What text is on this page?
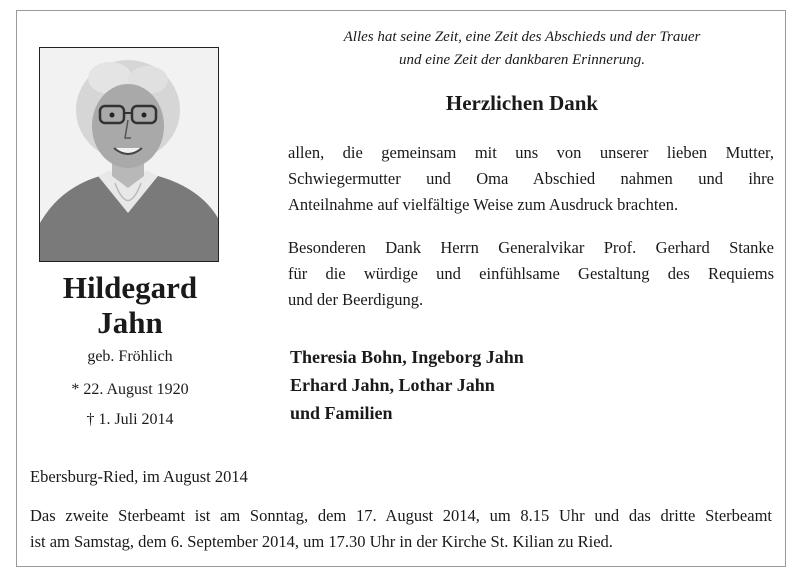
Hildegard
Jahn
geb. Fröhlich
* 22. August 1920
† 1. Juli 2014
Alles hat seine Zeit, eine Zeit des Abschieds und der Trauer
und eine Zeit der dankbaren Erinnerung.
Herzlichen Dank
allen, die gemeinsam mit uns von unserer lieben Mutter,
Schwiegermutter und Oma Abschied nahmen und ihre
Anteilnahme auf vielfältige Weise zum Ausdruck brachten.
Besonderen Dank Herrn Generalvikar Prof. Gerhard Stanke
für die würdige und einfühlsame Gestaltung des Requiems
und der Beerdigung.
Theresia Bohn, Ingeborg Jahn
Erhard Jahn, Lothar Jahn
und Familien
Ebersburg-Ried, im August 2014
Das zweite Sterbeamt ist am Sonntag, dem 17. August 2014, um 8.15 Uhr und das dritte Sterbeamt
ist am Samstag, dem 6. September 2014, um 17.30 Uhr in der Kirche St. Kilian zu Ried.
